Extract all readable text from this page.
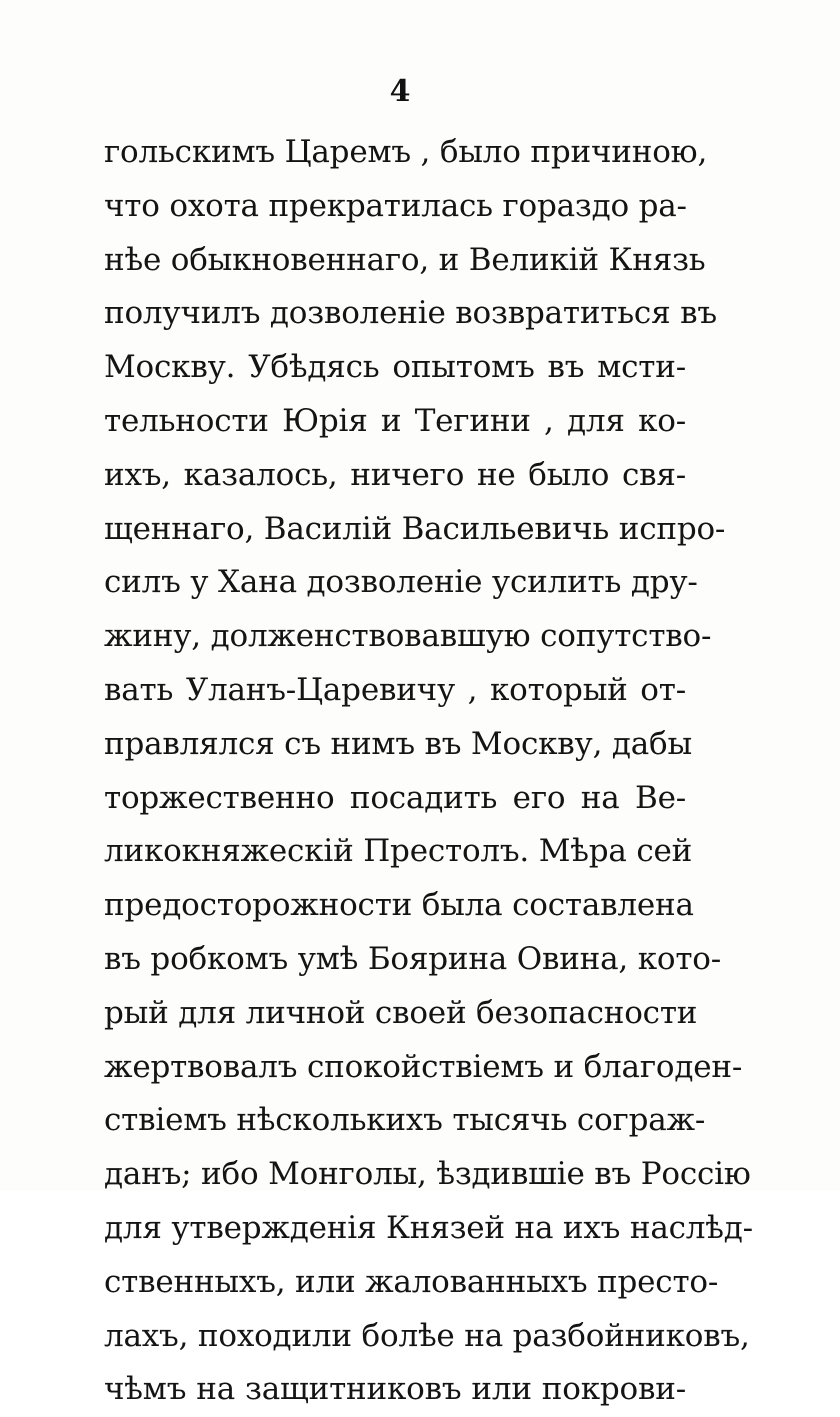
4
гольскимъ Царемъ , было причиною,
что охота прекратилась гораздо ра-
нѣе обыкновеннаго, и Великій Князь
получилъ дозволеніе возвратиться въ
Москву. Убѣдясь опытомъ въ мсти-
тельности Юрія и Тегини , для ко-
ихъ, казалось, ничего не было свя-
щеннаго, Василій Васильевичь испро-
силъ у Хана дозволеніе усилить дру-
жину, долженствовавшую сопутство-
вать Уланъ-Царевичу , который от-
правлялся съ нимъ въ Москву, дабы
торжественно посадить его на Ве-
ликокняжескій Престолъ. Мѣра сей
предосторожности была составлена
въ робкомъ умѣ Боярина Овина, кото-
рый для личной своей безопасности
жертвовалъ спокойствіемъ и благоден-
ствіемъ нѣсколькихъ тысячь сограж-
данъ; ибо Монголы, ѣздившіе въ Россію
для утвержденія Князей на ихъ наслѣд-
ственныхъ, или жалованныхъ престо-
лахъ, походили болѣе на разбойниковъ,
чѣмъ на защитниковъ или покрови-
